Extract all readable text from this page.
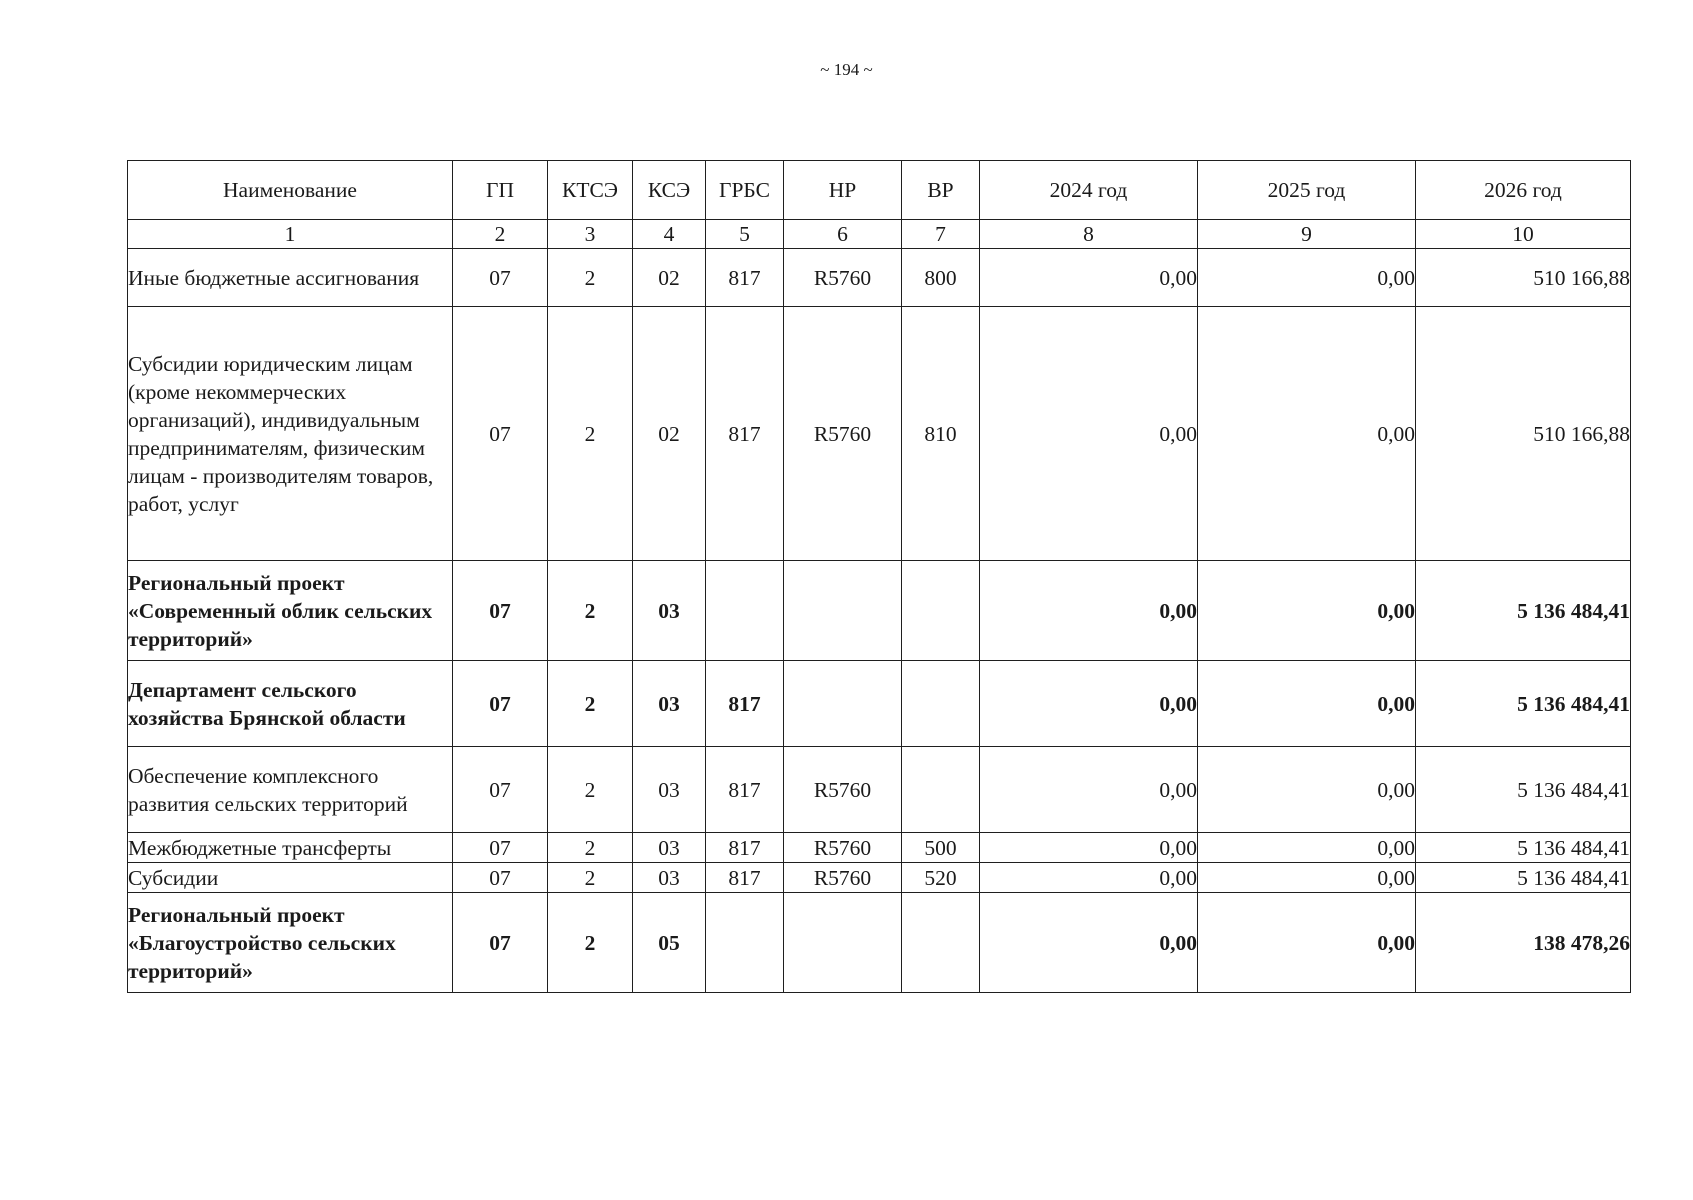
~ 194 ~
Наименование	ГП	КТСЭ	КСЭ	ГРБС	НР	ВР	2024 год	2025 год	2026 год
1	2	3	4	5	6	7	8	9	10
Иные бюджетные ассигнования	07	2	02	817	R5760	800	0,00	0,00	510 166,88
Субсидии юридическим лицам (кроме некоммерческих организаций), индивидуальным предпринимателям, физическим лицам - производителям товаров, работ, услуг	07	2	02	817	R5760	810	0,00	0,00	510 166,88
Региональный проект «Современный облик сельских территорий»	07	2	03				0,00	0,00	5 136 484,41
Департамент сельского хозяйства Брянской области	07	2	03	817			0,00	0,00	5 136 484,41
Обеспечение комплексного развития сельских территорий	07	2	03	817	R5760		0,00	0,00	5 136 484,41
Межбюджетные трансферты	07	2	03	817	R5760	500	0,00	0,00	5 136 484,41
Субсидии	07	2	03	817	R5760	520	0,00	0,00	5 136 484,41
Региональный проект «Благоустройство сельских территорий»	07	2	05				0,00	0,00	138 478,26
